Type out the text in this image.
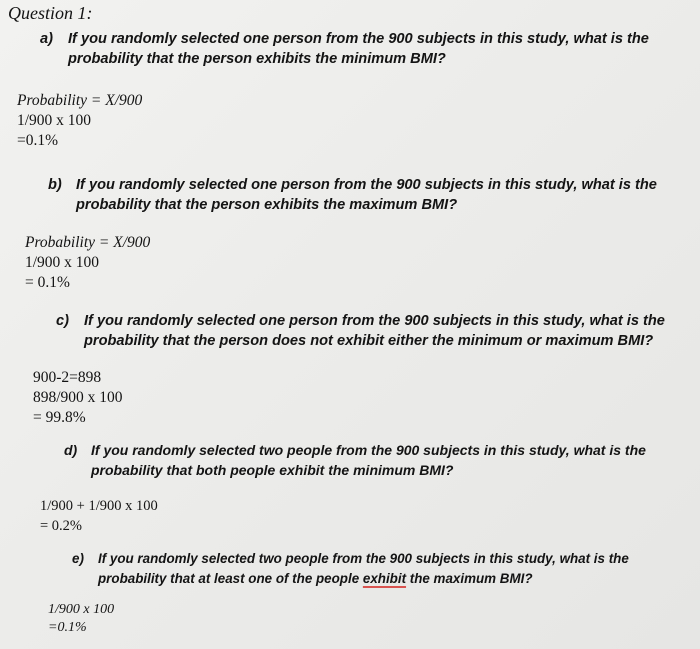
Question 1:
a)	If you randomly selected one person from the 900 subjects in this study, what is the
probability that the person exhibits the minimum BMI?
Probability = X/900
1/900 x 100
=0.1%
b) If you randomly selected one person from the 900 subjects in this study, what is the
probability that the person exhibits the maximum BMI?
Probability = X/900
1/900 x 100
= 0.1%
c)	If you randomly selected one person from the 900 subjects in this study, what is the
probability that the person does not exhibit either the minimum or maximum BMI?
900-2=898
898/900 x 100
= 99.8%
d) If you randomly selected two people from the 900 subjects in this study, what is the
probability that both people exhibit the minimum BMI?
1/900 + 1/900 x 100
= 0.2%
e)	If you randomly selected two people from the 900 subjects in this study, what is the
probability that at least one of the people exhibit the maximum BMI?
1/900 x 100
=0.1%
